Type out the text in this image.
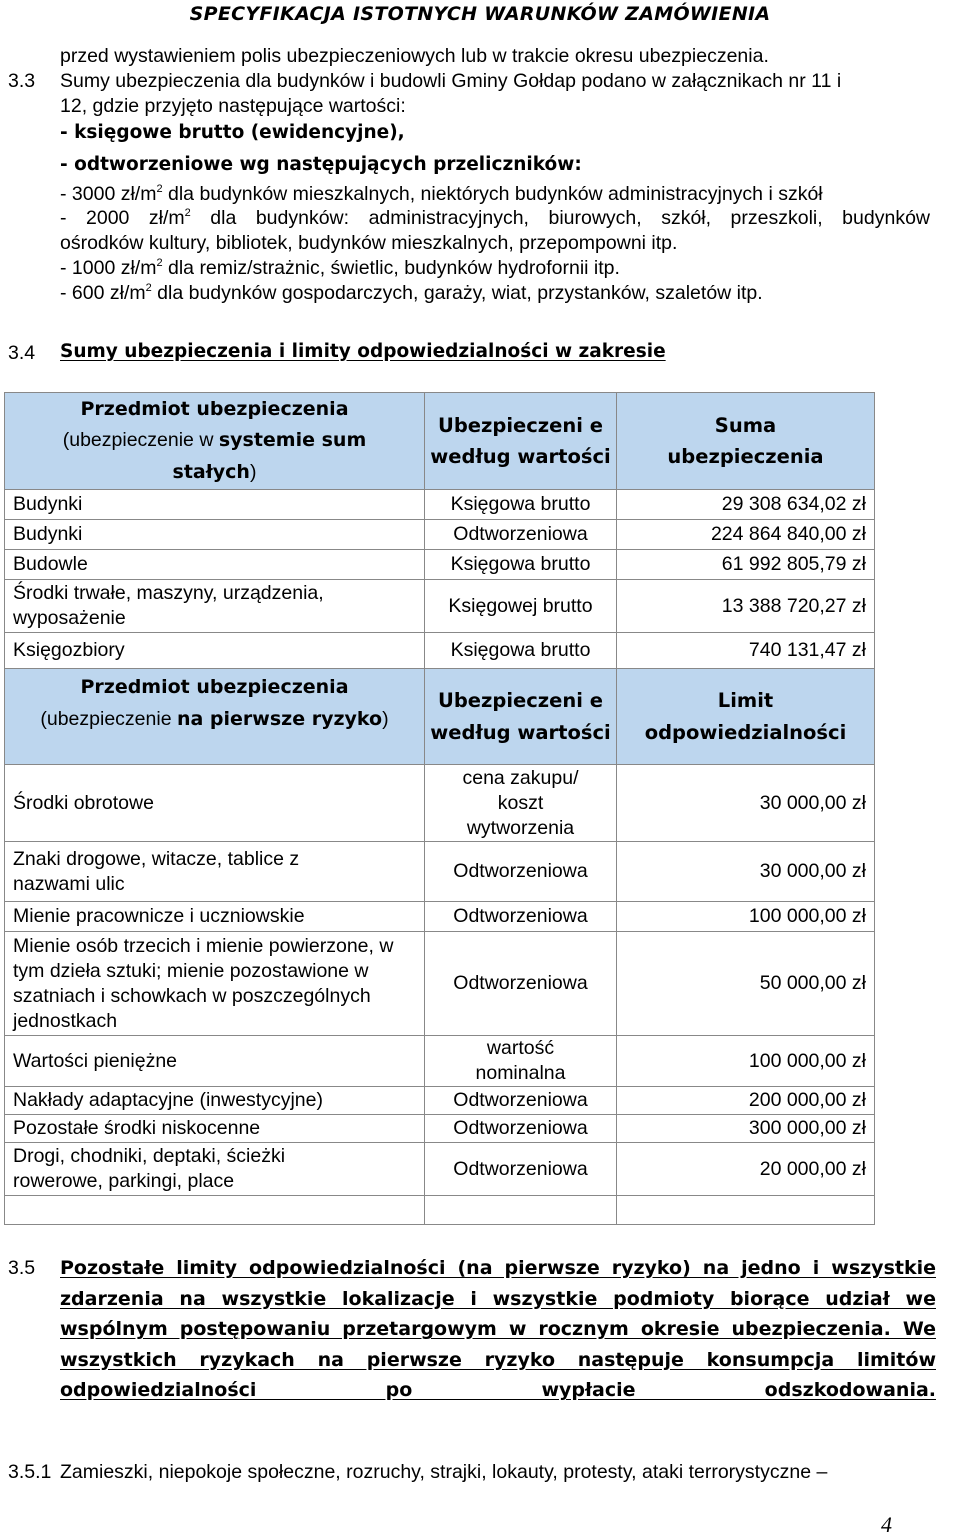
SPECYFIKACJA ISTOTNYCH WARUNKÓW ZAMÓWIENIA
przed wystawieniem polis ubezpieczeniowych lub w trakcie okresu ubezpieczenia.
3.3 Sumy ubezpieczenia dla budynków i budowli Gminy Gołdap podano w załącznikach nr 11 i
12, gdzie przyjęto następujące wartości:
- księgowe brutto (ewidencyjne),
- odtworzeniowe wg następujących przeliczników:
- 3000 $zł/m^2$ dla budynków mieszkalnych, niektórych budynków administracyjnych i szkół
- 2000 $zł/m^2$ dla budynków: administracyjnych, biurowych, szkół, przeszkoli, budynków
ośrodków kultury, bibliotek, budynków mieszkalnych, przepompowni itp.
- 1000 $zł/m^2$ dla remiz/strażnic, świetlic, budynków hydrofornii itp.
- 600 $zł/m^2$ dla budynków gospodarczych, garaży, wiat, przystanków, szaletów itp.
3.4 Sumy ubezpieczenia i limity odpowiedzialności w zakresie
Przedmiot ubezpieczenia
(ubezpieczenie w systemie sum
stałych)	Ubezpieczeni e według wartości	Suma ubezpieczenia
Budynki	Księgowa brutto	29 308 634,02 zł
Budynki	Odtworzeniowa	224 864 840,00 zł
Budowle	Księgowa brutto	61 992 805,79 zł
Środki trwałe, maszyny, urządzenia, wyposażenie	Księgowej brutto	13 388 720,27 zł
Księgozbiory	Księgowa brutto	740 131,47 zł
Przedmiot ubezpieczenia
(ubezpieczenie na pierwsze ryzyko)	Ubezpieczeni e według wartości	Limit odpowiedzialności
Środki obrotowe	cena zakupu/ koszt wytworzenia	30 000,00 zł
Znaki drogowe, witacze, tablice z nazwami ulic	Odtworzeniowa	30 000,00 zł
Mienie pracownicze i uczniowskie	Odtworzeniowa	100 000,00 zł
Mienie osób trzecich i mienie powierzone, w tym dzieła sztuki; mienie pozostawione w szatniach i schowkach w poszczególnych jednostkach	Odtworzeniowa	50 000,00 zł
Wartości pieniężne	wartość nominalna	100 000,00 zł
Nakłady adaptacyjne (inwestycyjne)	Odtworzeniowa	200 000,00 zł
Pozostałe środki niskocenne	Odtworzeniowa	300 000,00 zł
Drogi, chodniki, deptaki, ścieżki rowerowe, parkingi, place	Odtworzeniowa	20 000,00 zł

3.5 Pozostałe limity odpowiedzialności (na pierwsze ryzyko) na jedno i wszystkie zdarzenia na wszystkie lokalizacje i wszystkie podmioty biorące udział we wspólnym postępowaniu przetargowym w rocznym okresie ubezpieczenia. We wszystkich ryzykach na pierwsze ryzyko następuje konsumpcja limitów odpowiedzialności po wypłacie odszkodowania.
3.5.1 Zamieszki, niepokoje społeczne, rozruchy, strajki, lokauty, protesty, ataki terrorystyczne –
4
